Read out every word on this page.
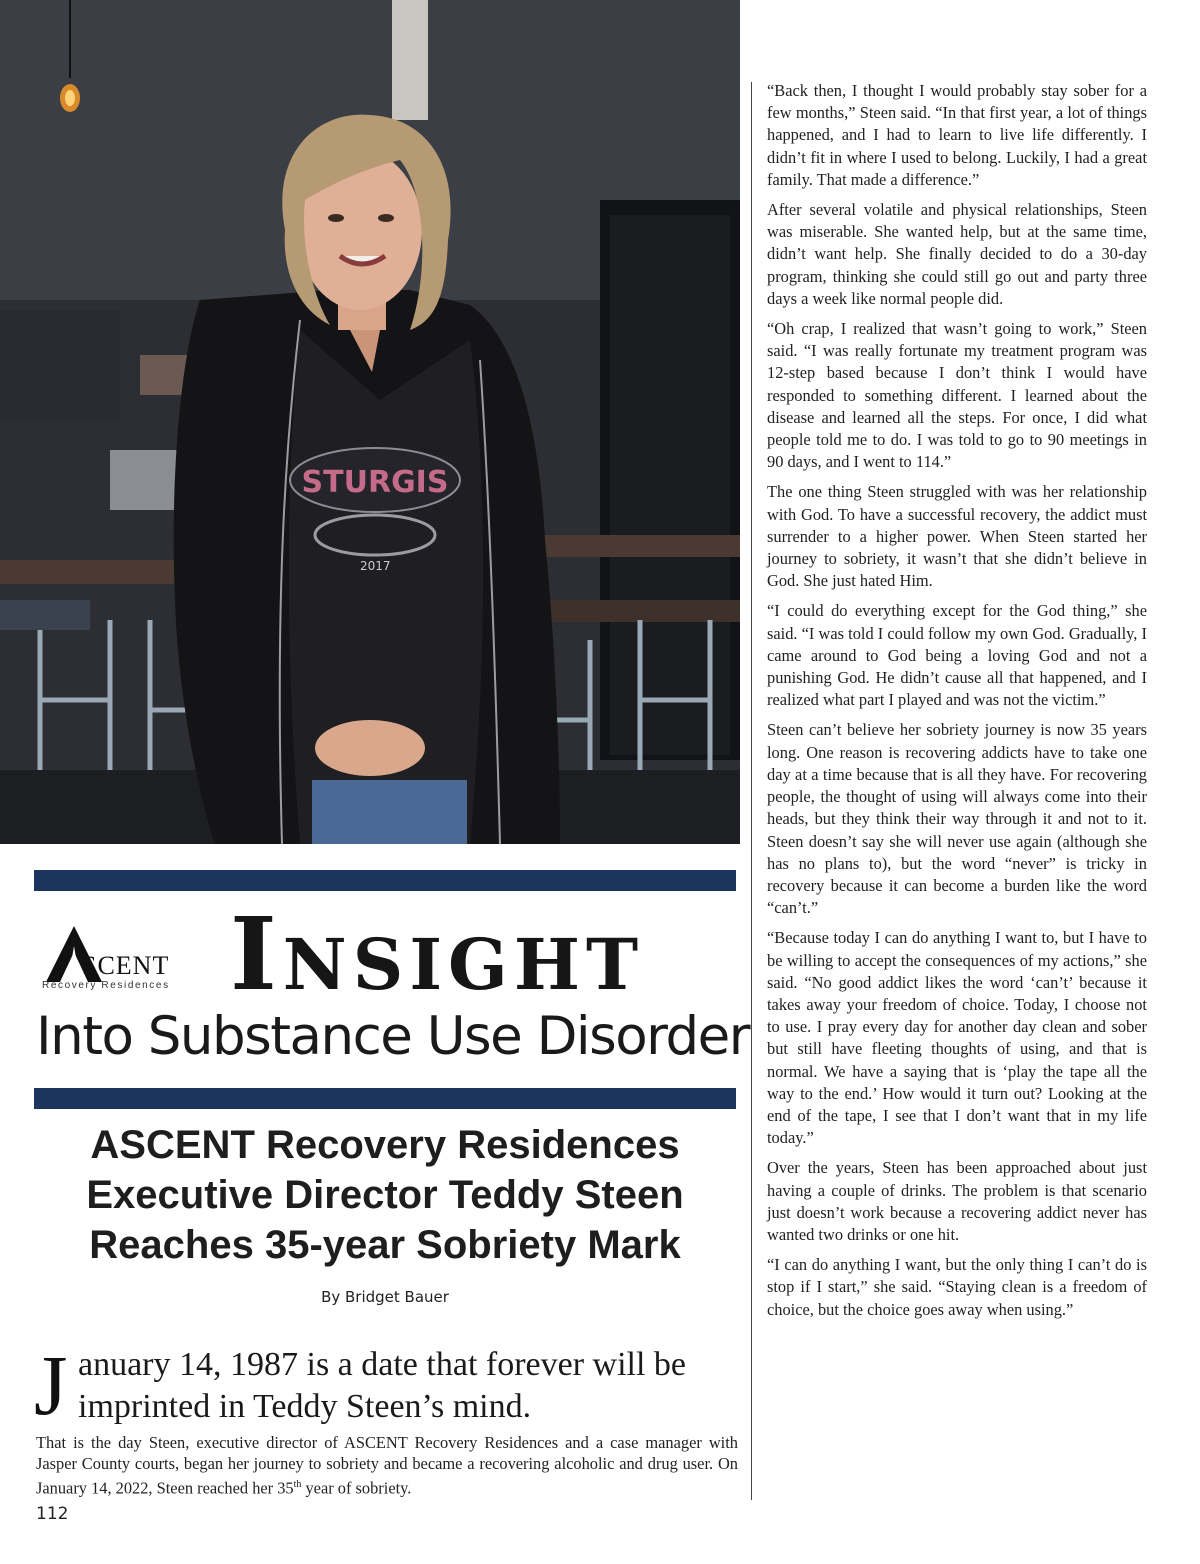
STURGIS
2017

“Back then, I thought I would probably stay sober for a few months,” Steen said. “In that first year, a lot of things happened, and I had to learn to live life differently. I didn’t fit in where I used to belong. Luckily, I had a great family. That made a difference.”

After several volatile and physical relationships, Steen was miserable. She wanted help, but at the same time, didn’t want help. She finally decided to do a 30-day program, thinking she could still go out and party three days a week like normal people did.

“Oh crap, I realized that wasn’t going to work,” Steen said. “I was really fortunate my treatment program was 12-step based because I don’t think I would have responded to something different. I learned about the disease and learned all the steps. For once, I did what people told me to do. I was told to go to 90 meetings in 90 days, and I went to 114.”

The one thing Steen struggled with was her relationship with God. To have a successful recovery, the addict must surrender to a higher power. When Steen started her journey to sobriety, it wasn’t that she didn’t believe in God. She just hated Him.

“I could do everything except for the God thing,” she said. “I was told I could follow my own God. Gradually, I came around to God being a loving God and not a punishing God. He didn’t cause all that happened, and I realized what part I played and was not the victim.”

Steen can’t believe her sobriety journey is now 35 years long. One reason is recovering addicts have to take one day at a time because that is all they have. For recovering people, the thought of using will always come into their heads, but they think their way through it and not to it. Steen doesn’t say she will never use again (although she has no plans to), but the word “never” is tricky in recovery because it can become a burden like the word “can’t.”

“Because today I can do anything I want to, but I have to be willing to accept the consequences of my actions,” she said. “No good addict likes the word ‘can’t’ because it takes away your freedom of choice. Today, I choose not to use. I pray every day for another day clean and sober but still have fleeting thoughts of using, and that is normal. We have a saying that is ‘play the tape all the way to the end.’ How would it turn out? Looking at the end of the tape, I see that I don’t want that in my life today.”

Over the years, Steen has been approached about just having a couple of drinks. The problem is that scenario just doesn’t work because a recovering addict never has wanted two drinks or one hit.

“I can do anything I want, but the only thing I can’t do is stop if I start,” she said. “Staying clean is a freedom of choice, but the choice goes away when using.”

SCENT
Recovery Residences Insight
Into Substance Use Disorder
ASCENT Recovery Residences
Executive Director Teddy Steen
Reaches 35-year Sobriety Mark
By Bridget Bauer
J anuary 14, 1987 is a date that forever will be
imprinted in Teddy Steen’s mind.
That is the day Steen, executive director of ASCENT Recovery Residences and a case manager with Jasper County courts, began her journey to sobriety and became a recovering alcoholic and drug user. On January 14, 2022, Steen reached her 35th year of sobriety.
112
